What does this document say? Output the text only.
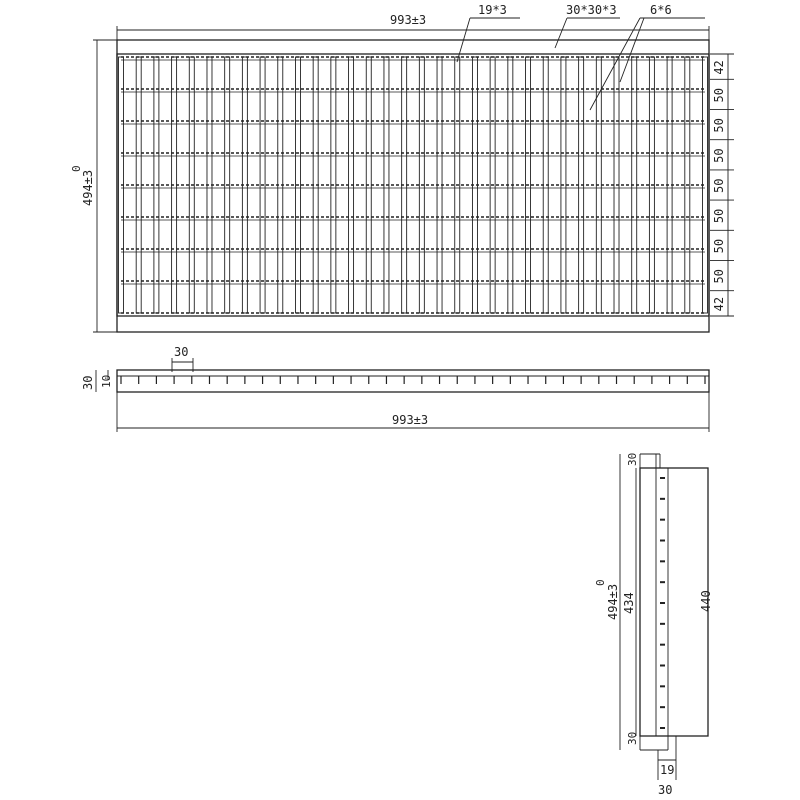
993±3
19*3	30*30*3	6*6
494±3
0
42
50
50
50
50
50
50
50
42
30
30 10
993±3
494±3
0
434
30
30
440
19
30
